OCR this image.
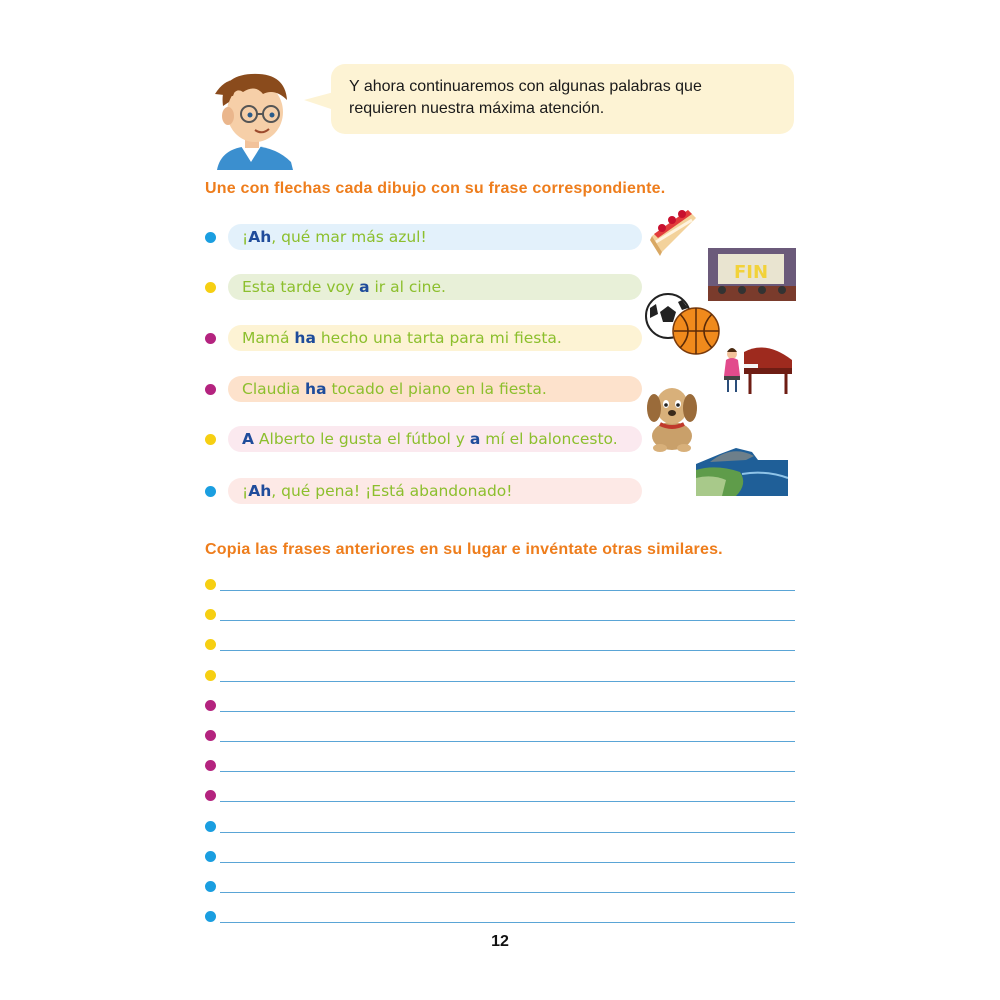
Y ahora continuaremos con algunas palabras que
requieren nuestra máxima atención.
Une con flechas cada dibujo con su frase correspondiente.
¡Ah, qué mar más azul!
Esta tarde voy a ir al cine.
Mamá ha hecho una tarta para mi fiesta.
Claudia ha tocado el piano en la fiesta.
A Alberto le gusta el fútbol y a mí el baloncesto.
¡Ah, qué pena! ¡Está abandonado!
FIN
Copia las frases anteriores en su lugar e invéntate otras similares.
12
